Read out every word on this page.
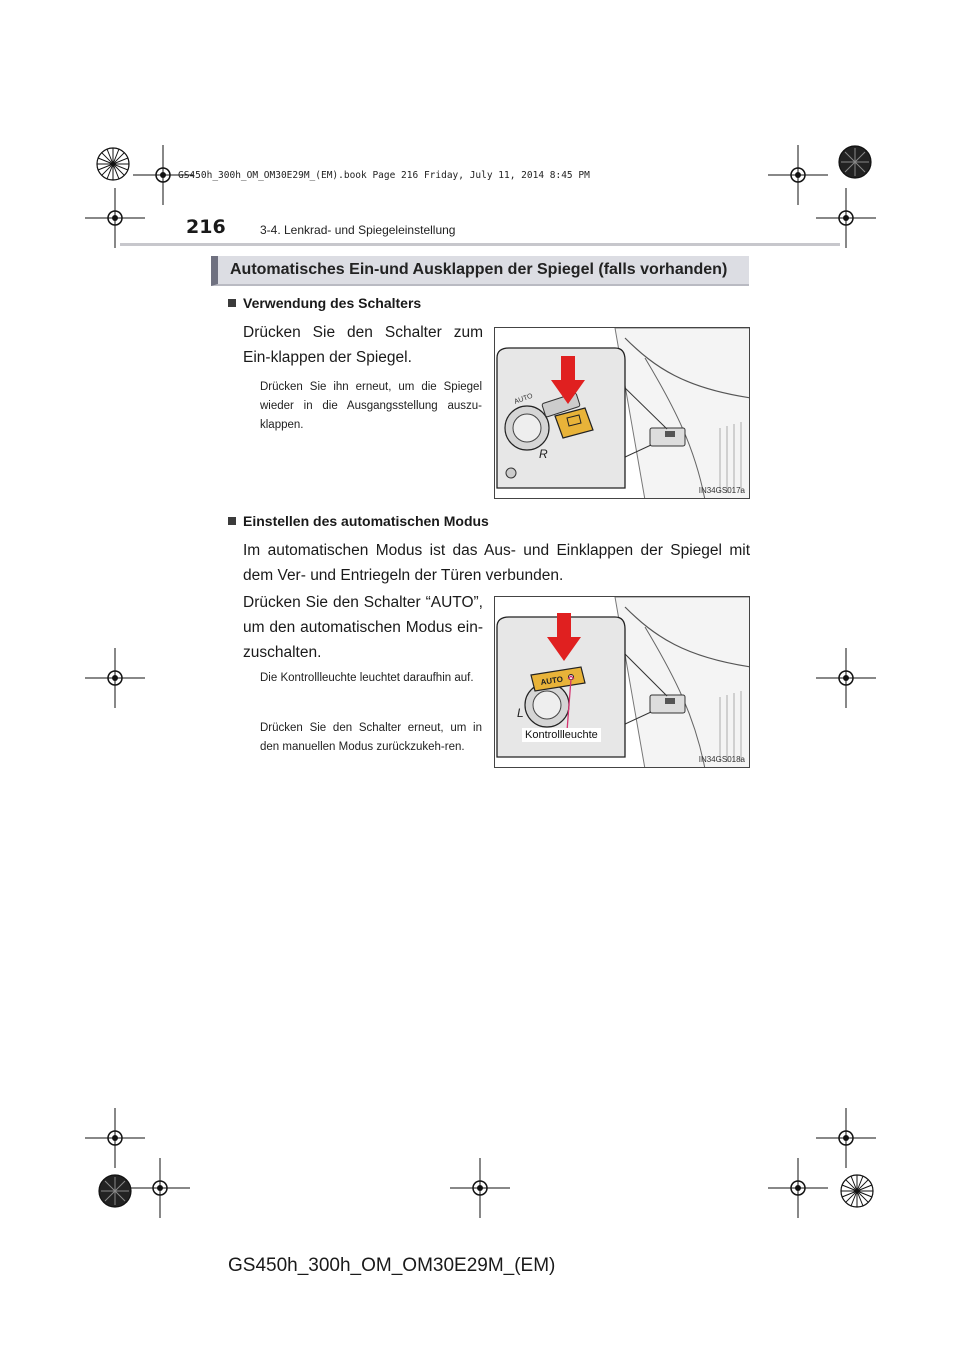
GS450h_300h_OM_OM30E29M_(EM).book Page 216 Friday, July 11, 2014 8:45 PM
216	3-4. Lenkrad- und Spiegeleinstellung
Automatisches Ein-und Ausklappen der Spiegel (falls vorhanden)
Verwendung des Schalters
Drücken Sie den Schalter zum Ein-klappen der Spiegel.
Drücken Sie ihn erneut, um die Spiegel wieder in die Ausgangsstellung auszu-klappen.
R
AUTO
IN34GS017a
Einstellen des automatischen Modus
Im automatischen Modus ist das Aus- und Einklappen der Spiegel mit dem Ver- und Entriegeln der Türen verbunden.
Drücken Sie den Schalter “AUTO”, um den automatischen Modus ein-zuschalten.
Die Kontrollleuchte leuchtet daraufhin auf.
Drücken Sie den Schalter erneut, um in den manuellen Modus zurückzukeh-ren.
AUTO
L
Kontrollleuchte
IN34GS018a
GS450h_300h_OM_OM30E29M_(EM)
